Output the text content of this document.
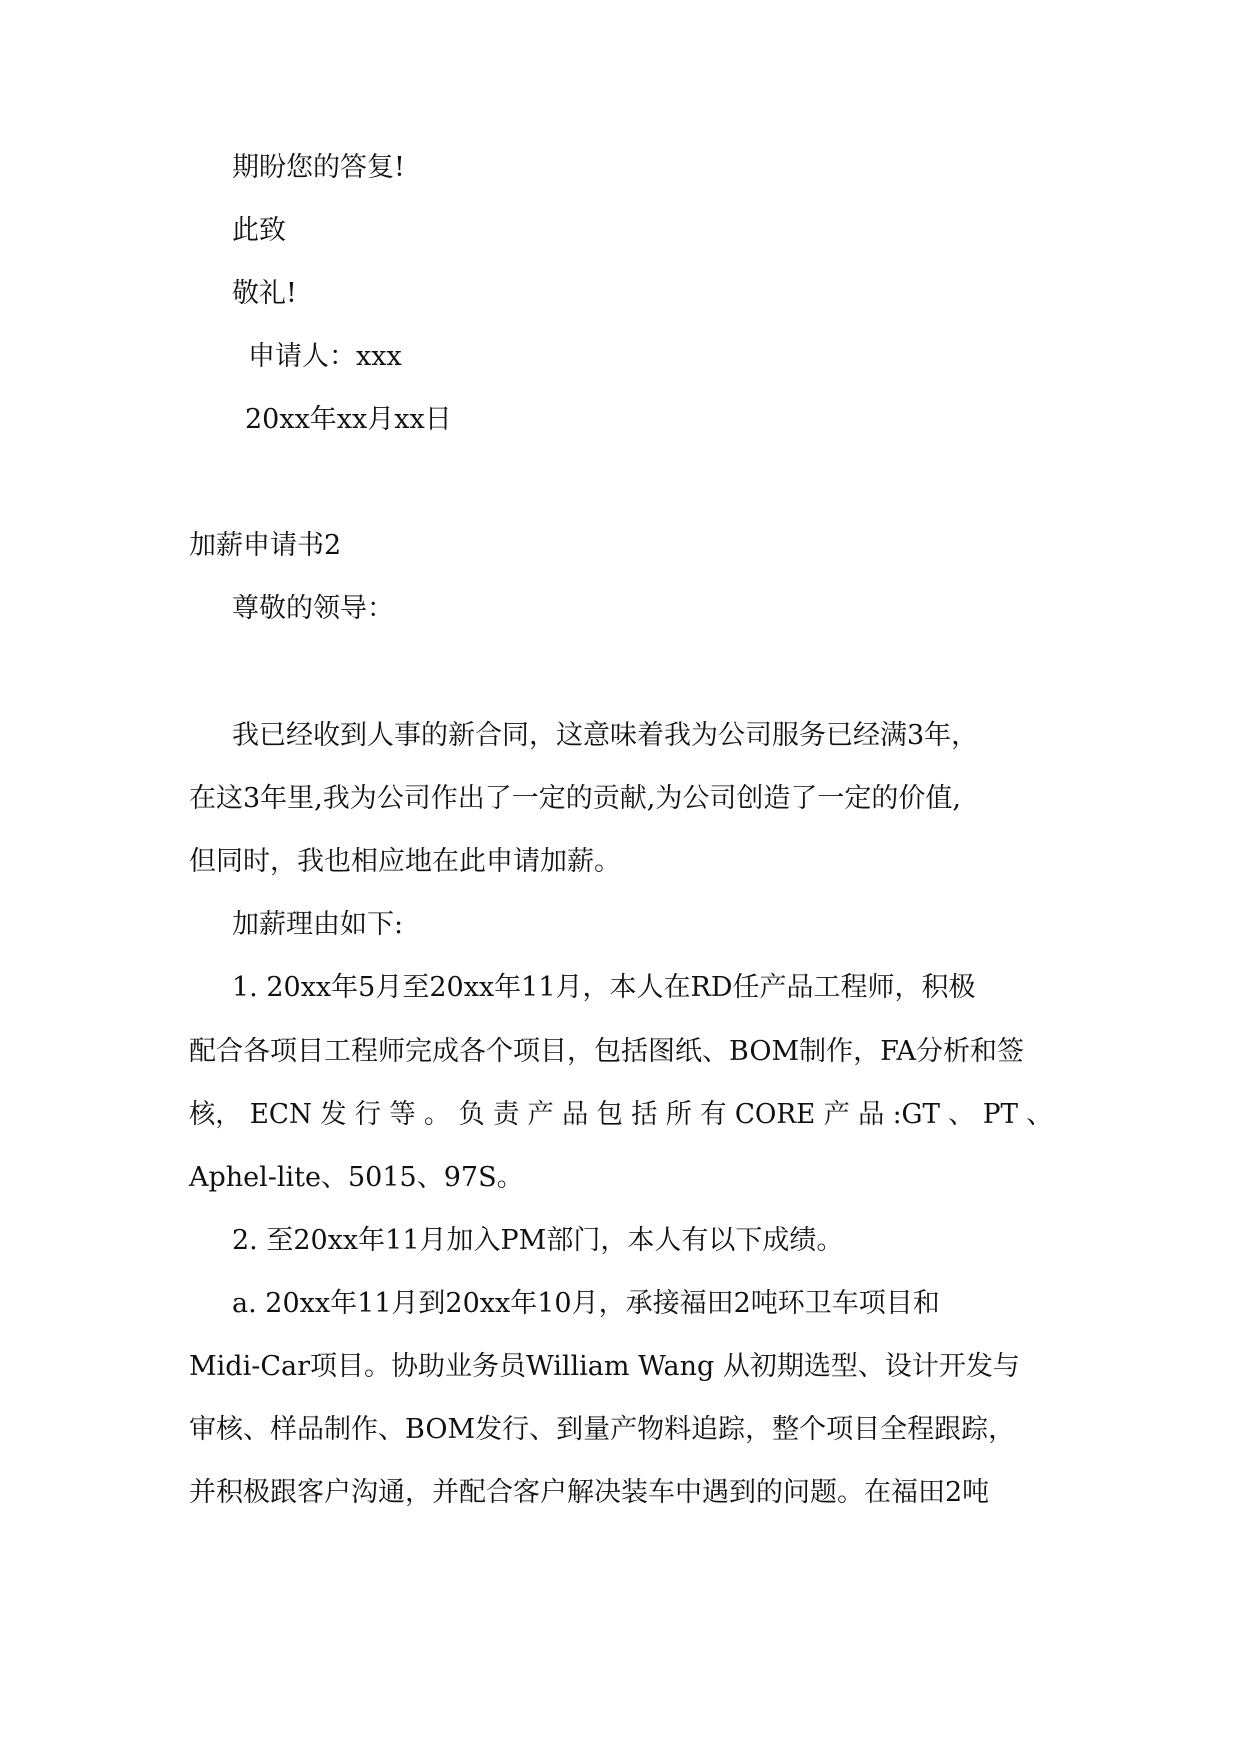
期盼您的答复!
此致
敬礼!
申请人：xxx
20xx年xx月xx日
加薪申请书2
尊敬的领导：
我已经收到人事的新合同，这意味着我为公司服务已经满3年，
在这3年里,我为公司作出了一定的贡献,为公司创造了一定的价值,
但同时，我也相应地在此申请加薪。
加薪理由如下:
1. 20xx年5月至20xx年11月，本人在RD任产品工程师，积极
配合各项目工程师完成各个项目，包括图纸、BOM制作，FA分析和签
核， ECN 发 行 等 。 负 责 产 品 包 括 所 有 CORE 产 品 :GT 、 PT 、
Aphel-lite、5015、97S。
2. 至20xx年11月加入PM部门，本人有以下成绩。
a. 20xx年11月到20xx年10月，承接福田2吨环卫车项目和
Midi-Car项目。协助业务员William Wang 从初期选型、设计开发与
审核、样品制作、BOM发行、到量产物料追踪，整个项目全程跟踪，
并积极跟客户沟通，并配合客户解决装车中遇到的问题。在福田2吨
